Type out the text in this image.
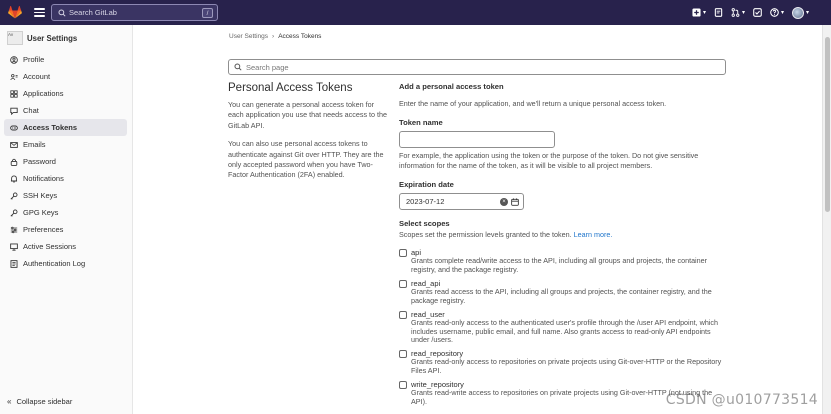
Search GitLab	/	▾	▾	▾	▾
Av	User Settings
Profile
Account
Applications
Chat
Access Tokens
Emails
Password
Notifications
SSH Keys
GPG Keys
Preferences
Active Sessions
Authentication Log
« Collapse sidebar
User Settings › Access Tokens
Search page
Personal Access Tokens

You can generate a personal access token for each application you use that needs access to the GitLab API.

You can also use personal access tokens to authenticate against Git over HTTP. They are the only accepted password when you have Two-Factor Authentication (2FA) enabled.

Add a personal access token
Enter the name of your application, and we'll return a unique personal access token.
Token name
For example, the application using the token or the purpose of the token. Do not give sensitive information for the name of the token, as it will be visible to all project members.
Expiration date
2023-07-12	×
Select scopes
Scopes set the permission levels granted to the token. Learn more.
api
Grants complete read/write access to the API, including all groups and projects, the container registry, and the package registry.
read_api
Grants read access to the API, including all groups and projects, the container registry, and the package registry.
read_user
Grants read-only access to the authenticated user's profile through the /user API endpoint, which includes username, public email, and full name. Also grants access to read-only API endpoints under /users.
read_repository
Grants read-only access to repositories on private projects using Git-over-HTTP or the Repository Files API.
write_repository
Grants read-write access to repositories on private projects using Git-over-HTTP (not using the API).	CSDN @u010773514
